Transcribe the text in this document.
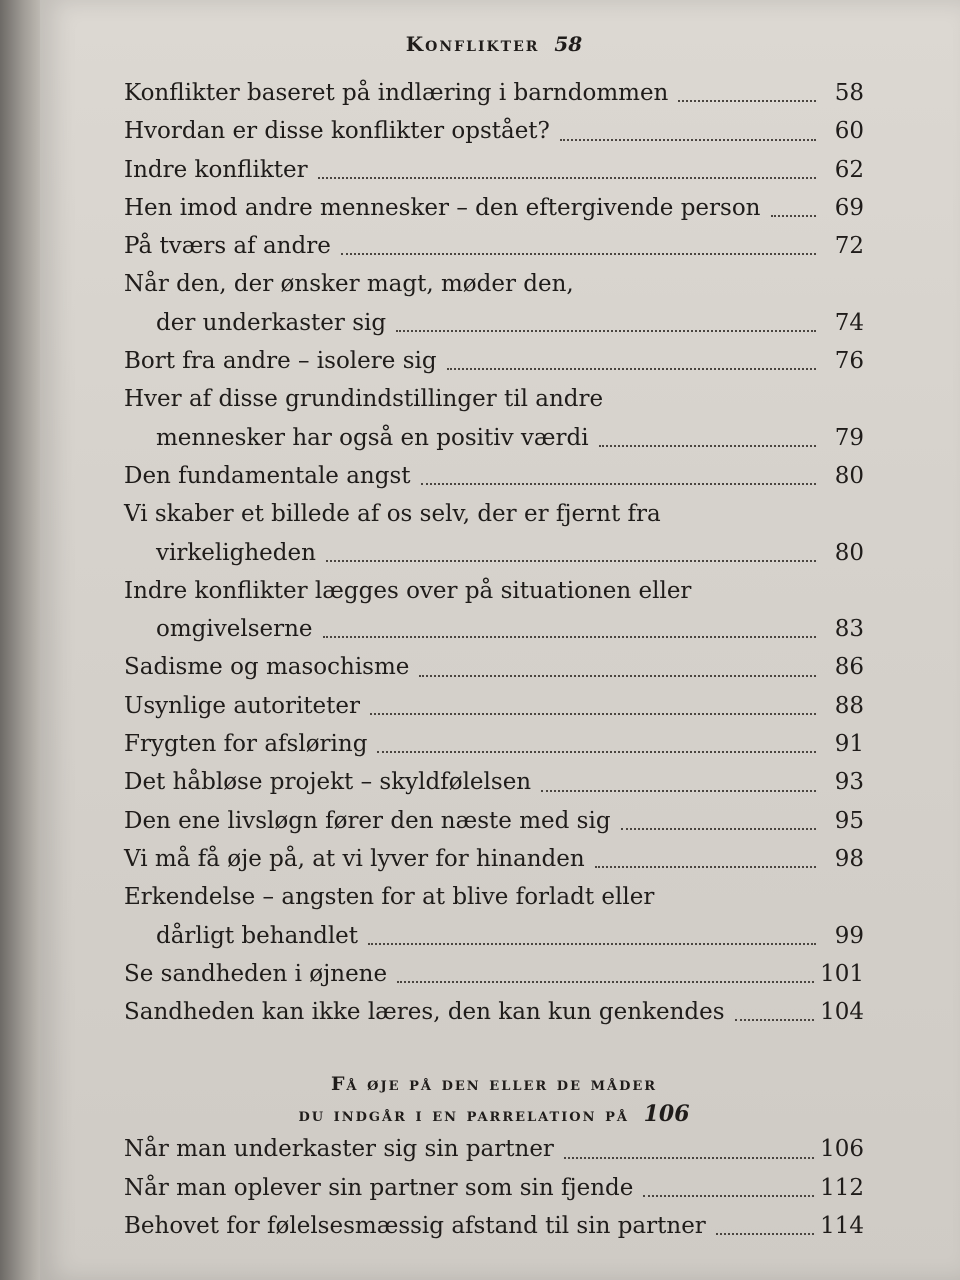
Konflikter 58
Konflikter baseret på indlæring i barndommen	58
Hvordan er disse konflikter opstået?	60
Indre konflikter	62
Hen imod andre mennesker – den eftergivende person	69
På tværs af andre	72
Når den, der ønsker magt, møder den,
der underkaster sig	74
Bort fra andre – isolere sig	76
Hver af disse grundindstillinger til andre
mennesker har også en positiv værdi	79
Den fundamentale angst	80
Vi skaber et billede af os selv, der er fjernt fra
virkeligheden	80
Indre konflikter lægges over på situationen eller
omgivelserne	83
Sadisme og masochisme	86
Usynlige autoriteter	88
Frygten for afsløring	91
Det håbløse projekt – skyldfølelsen	93
Den ene livsløgn fører den næste med sig	95
Vi må få øje på, at vi lyver for hinanden	98
Erkendelse – angsten for at blive forladt eller
dårligt behandlet	99
Se sandheden i øjnene	101
Sandheden kan ikke læres, den kan kun genkendes	104
Få øje på den eller de måder
du indgår i en parrelation på 106
Når man underkaster sig sin partner	106
Når man oplever sin partner som sin fjende	112
Behovet for følelsesmæssig afstand til sin partner	114
